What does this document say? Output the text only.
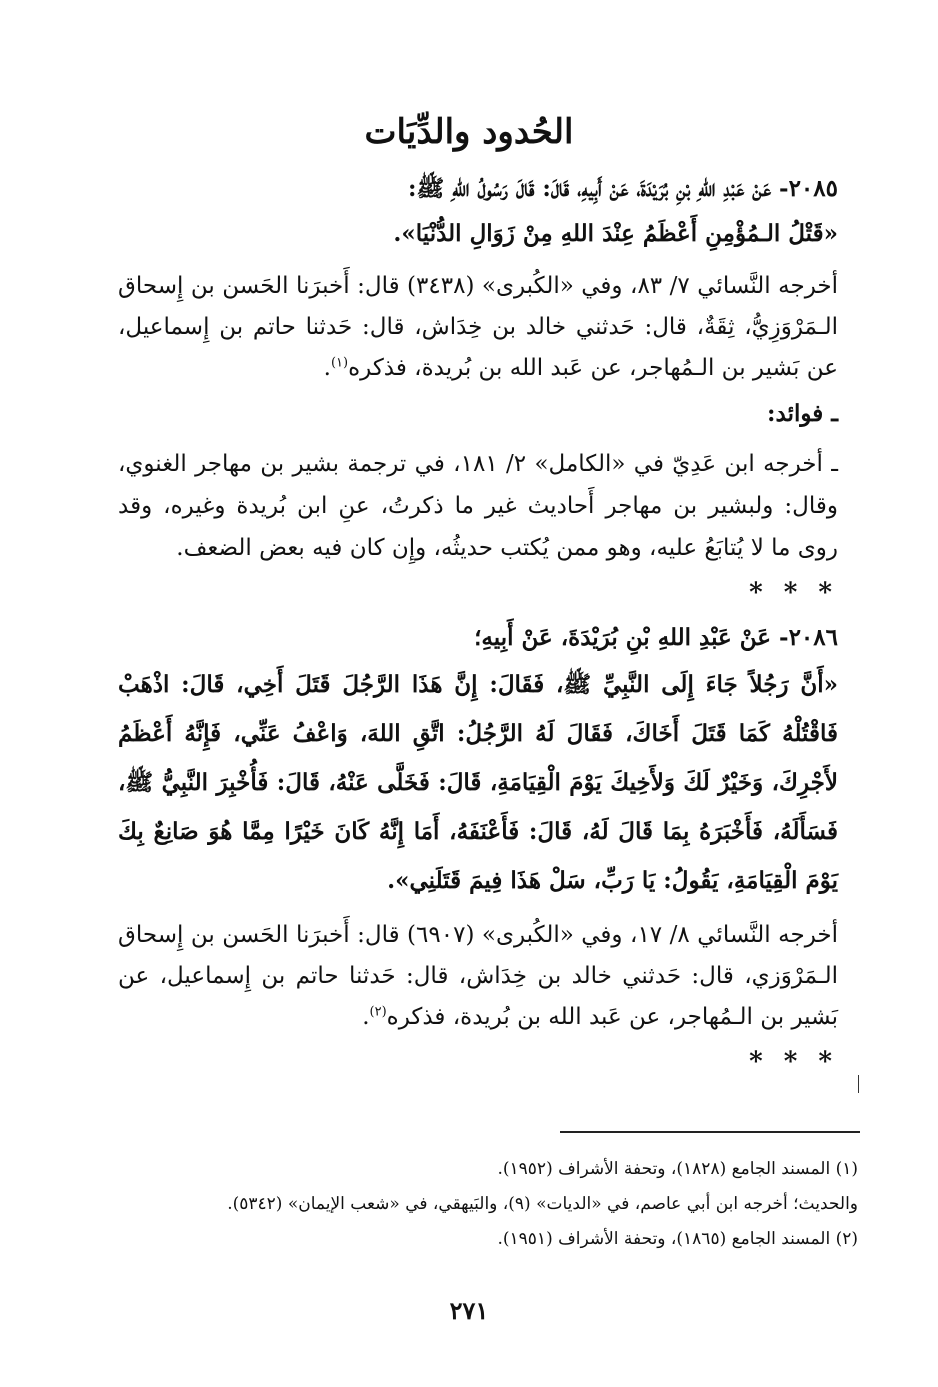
الحُدود والدِّيَات
٢٠٨٥- عَنْ عَبْدِ اللهِ بْنِ بُرَيْدَةَ، عَنْ أَبِيهِ، قَالَ: قَالَ رَسُولُ اللهِ ﷺ:
«قَتْلُ الـمُؤْمِنِ أَعْظَمُ عِنْدَ اللهِ مِنْ زَوَالِ الدُّنْيَا».
أخرجه النَّسائي ٧/ ٨٣، وفي «الكُبرى» (٣٤٣٨) قال: أَخبرَنا الحَسن بن إِسحاق الـمَرْوَزِيُّ، ثِقَةٌ، قال: حَدثني خالد بن خِدَاش، قال: حَدثنا حاتم بن إِسماعيل، عن بَشير بن الـمُهاجر، عن عَبد الله بن بُريدة، فذكره$^{(١)}$.
ـ فوائد:
ـ أخرجه ابن عَدِيّ في «الكامل» ٢/ ١٨١، في ترجمة بشير بن مهاجر الغنوي، وقال: ولبشير بن مهاجر أَحاديث غير ما ذكرتُ، عنِ ابن بُريدة وغيره، وقد روى ما لا يُتابَعُ عليه، وهو ممن يُكتب حديثُه، وإِن كان فيه بعض الضعف.
* * *
٢٠٨٦- عَنْ عَبْدِ اللهِ بْنِ بُرَيْدَةَ، عَنْ أَبِيهِ؛
«أَنَّ رَجُلاً جَاءَ إِلَى النَّبِيِّ ﷺ، فَقَالَ: إِنَّ هَذَا الرَّجُلَ قَتَلَ أَخِي، قَالَ: اذْهَبْ فَاقْتُلْهُ كَمَا قَتَلَ أَخَاكَ، فَقَالَ لَهُ الرَّجُلُ: اتَّقِ اللهَ، وَاعْفُ عَنِّي، فَإِنَّهُ أَعْظَمُ لأَجْرِكَ، وَخَيْرٌ لَكَ وَلأَخِيكَ يَوْمَ الْقِيَامَةِ، قَالَ: فَخَلَّى عَنْهُ، قَالَ: فَأُخْبِرَ النَّبِيُّ ﷺ، فَسَأَلَهُ، فَأَخْبَرَهُ بِمَا قَالَ لَهُ، قَالَ: فَأَعْنَفَهُ، أَمَا إِنَّهُ كَانَ خَيْرًا مِمَّا هُوَ صَانِعٌ بِكَ يَوْمَ الْقِيَامَةِ، يَقُولُ: يَا رَبِّ، سَلْ هَذَا فِيمَ قَتَلَنِي».
أخرجه النَّسائي ٨/ ١٧، وفي «الكُبرى» (٦٩٠٧) قال: أَخبرَنا الحَسن بن إِسحاق الـمَرْوَزي، قال: حَدثني خالد بن خِدَاش، قال: حَدثنا حاتم بن إِسماعيل، عن بَشير بن الـمُهاجر، عن عَبد الله بن بُريدة، فذكره$^{(٢)}$.
* * *
(١) المسند الجامع (١٨٢٨)، وتحفة الأشراف (١٩٥٢).
والحديث؛ أخرجه ابن أبي عاصم، في «الديات» (٩)، والبَيهقي، في «شعب الإيمان» (٥٣٤٢).
(٢) المسند الجامع (١٨٦٥)، وتحفة الأشراف (١٩٥١).
٢٧١
